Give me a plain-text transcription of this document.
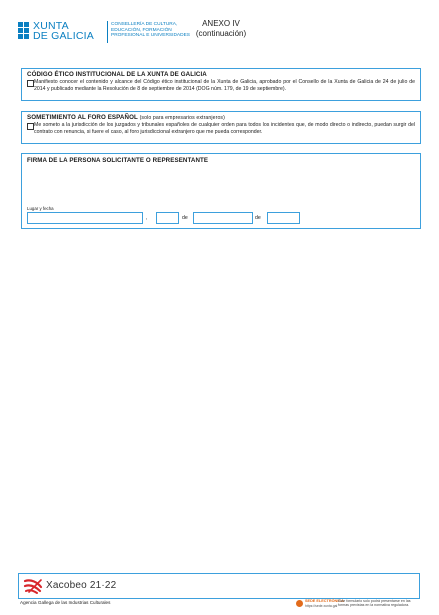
XUNTA
DE GALICIA
CONSELLERÍA DE CULTURA, EDUCACIÓN, FORMACIÓN PROFESIONAL E UNIVERSIDADES
ANEXO IV
(continuación)
CÓDIGO ÉTICO INSTITUCIONAL DE LA XUNTA DE GALICIA
Manifiesto conocer el contenido y alcance del Código ético institucional de la Xunta de Galicia, aprobado por el Consello de la Xunta de Galicia de 24 de julio de 2014 y publicado mediante la Resolución de 8 de septiembre de 2014 (DOG núm. 179, de 19 de septiembre).
SOMETIMIENTO AL FORO ESPAÑOL (solo para empresarios extranjeros)
Me someto a la jurisdicción de los juzgados y tribunales españoles de cualquier orden para todos los incidentes que, de modo directo o indirecto, puedan surgir del contrato con renuncia, si fuere el caso, al foro jurisdiccional extranjero que me pueda corresponder.
FIRMA DE LA PERSONA SOLICITANTE O REPRESENTANTE
Lugar y fecha
,	de	de
Xacobeo 21·22
Agencia Gallega de las Industrias Culturales	SEDE ELECTRÓNICA
https://sede.xunta.gal
Este formulario solo podrá presentarse en las formas previstas en la normativa reguladora.
